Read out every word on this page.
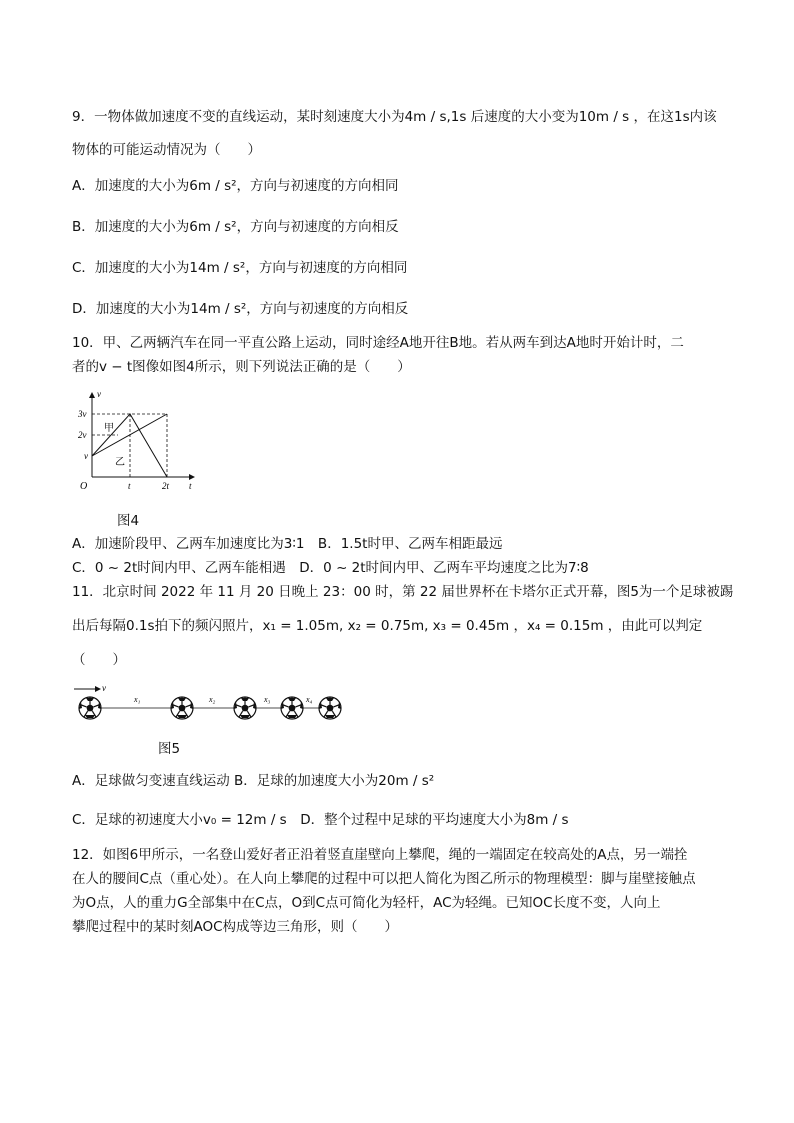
9．一物体做加速度不变的直线运动，某时刻速度大小为4m / s,1s 后速度的大小变为10m / s ，在这1s内该
物体的可能运动情况为（　　）
A．加速度的大小为6m / s²，方向与初速度的方向相同
B．加速度的大小为6m / s²，方向与初速度的方向相反
C．加速度的大小为14m / s²，方向与初速度的方向相同
D．加速度的大小为14m / s²，方向与初速度的方向相反
10．甲、乙两辆汽车在同一平直公路上运动，同时途经A地开往B地。若从两车到达A地时开始计时，二
者的v − t图像如图4所示，则下列说法正确的是（　　）
v
t
O
3v
2v
v
t	2t
甲
乙
图4
A．加速阶段甲、乙两车加速度比为3∶1　B．1.5t时甲、乙两车相距最远
C．0 ~ 2t时间内甲、乙两车能相遇　D．0 ~ 2t时间内甲、乙两车平均速度之比为7∶8
11．北京时间 2022 年 11 月 20 日晚上 23：00 时，第 22 届世界杯在卡塔尔正式开幕，图5为一个足球被踢
出后每隔0.1s拍下的频闪照片，x₁ = 1.05m, x₂ = 0.75m, x₃ = 0.45m ，x₄ = 0.15m ，由此可以判定
（　　）
v
x₁	x₂	x₃	x₄
图5
A．足球做匀变速直线运动 B．足球的加速度大小为20m / s²
C．足球的初速度大小v₀ = 12m / s　D．整个过程中足球的平均速度大小为8m / s
12．如图6甲所示，一名登山爱好者正沿着竖直崖壁向上攀爬，绳的一端固定在较高处的A点，另一端拴
在人的腰间C点（重心处）。在人向上攀爬的过程中可以把人简化为图乙所示的物理模型：脚与崖壁接触点
为O点，人的重力G全部集中在C点，O到C点可简化为轻杆，AC为轻绳。已知OC长度不变，人向上
攀爬过程中的某时刻AOC构成等边三角形，则（　　）
